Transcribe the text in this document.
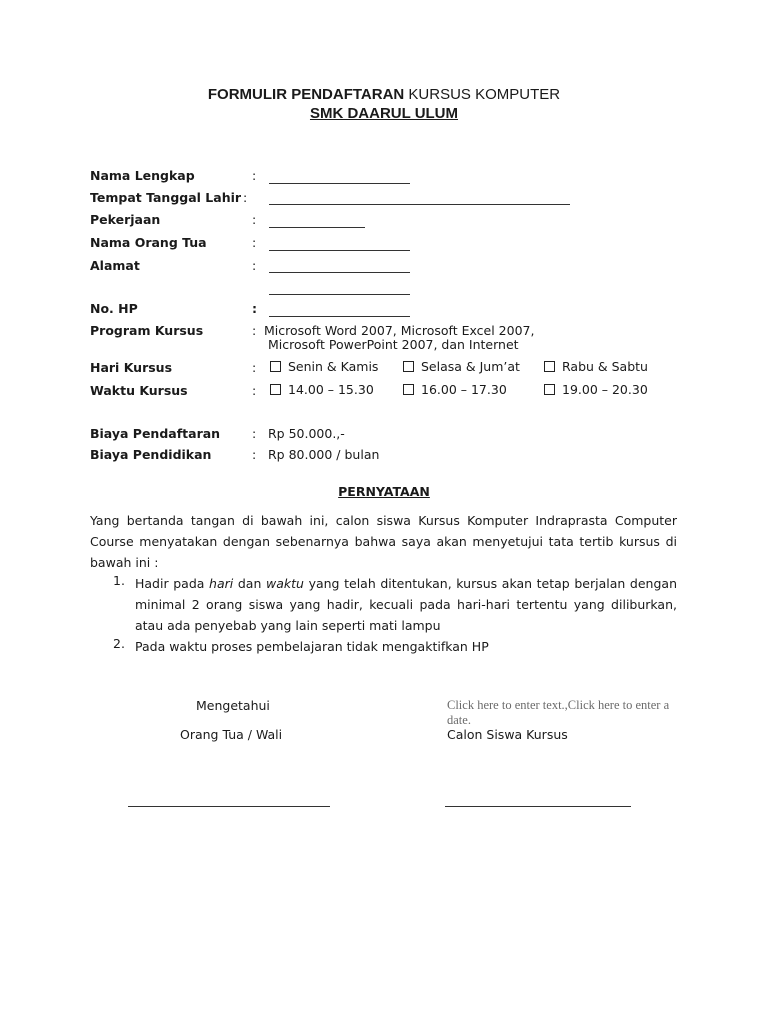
FORMULIR PENDAFTARAN KURSUS KOMPUTER
SMK DAARUL ULUM
Nama Lengkap	:
Tempat Tanggal Lahir :
Pekerjaan	:
Nama Orang Tua	:
Alamat	:
No. HP	:
Program Kursus	: Microsoft Word 2007, Microsoft Excel 2007,
Microsoft PowerPoint 2007, dan Internet
Hari Kursus	:	Senin & Kamis	Selasa & Jum’at	Rabu & Sabtu
Waktu Kursus	:	14.00 – 15.30	16.00 – 17.30	19.00 – 20.30
Biaya Pendaftaran	: Rp 50.000.,-
Biaya Pendidikan	: Rp 80.000 / bulan
PERNYATAAN
Yang bertanda tangan di bawah ini, calon siswa Kursus Komputer Indraprasta Computer Course menyatakan dengan sebenarnya bahwa saya akan menyetujui tata tertib kursus di bawah ini :
1. Hadir pada hari dan waktu yang telah ditentukan, kursus akan tetap berjalan dengan minimal 2 orang siswa yang hadir, kecuali pada hari-hari tertentu yang diliburkan, atau ada penyebab yang lain seperti mati lampu
2. Pada waktu proses pembelajaran tidak mengaktifkan HP
Mengetahui
Orang Tua / Wali
Click here to enter text.,Click here to enter a date.
Calon Siswa Kursus
